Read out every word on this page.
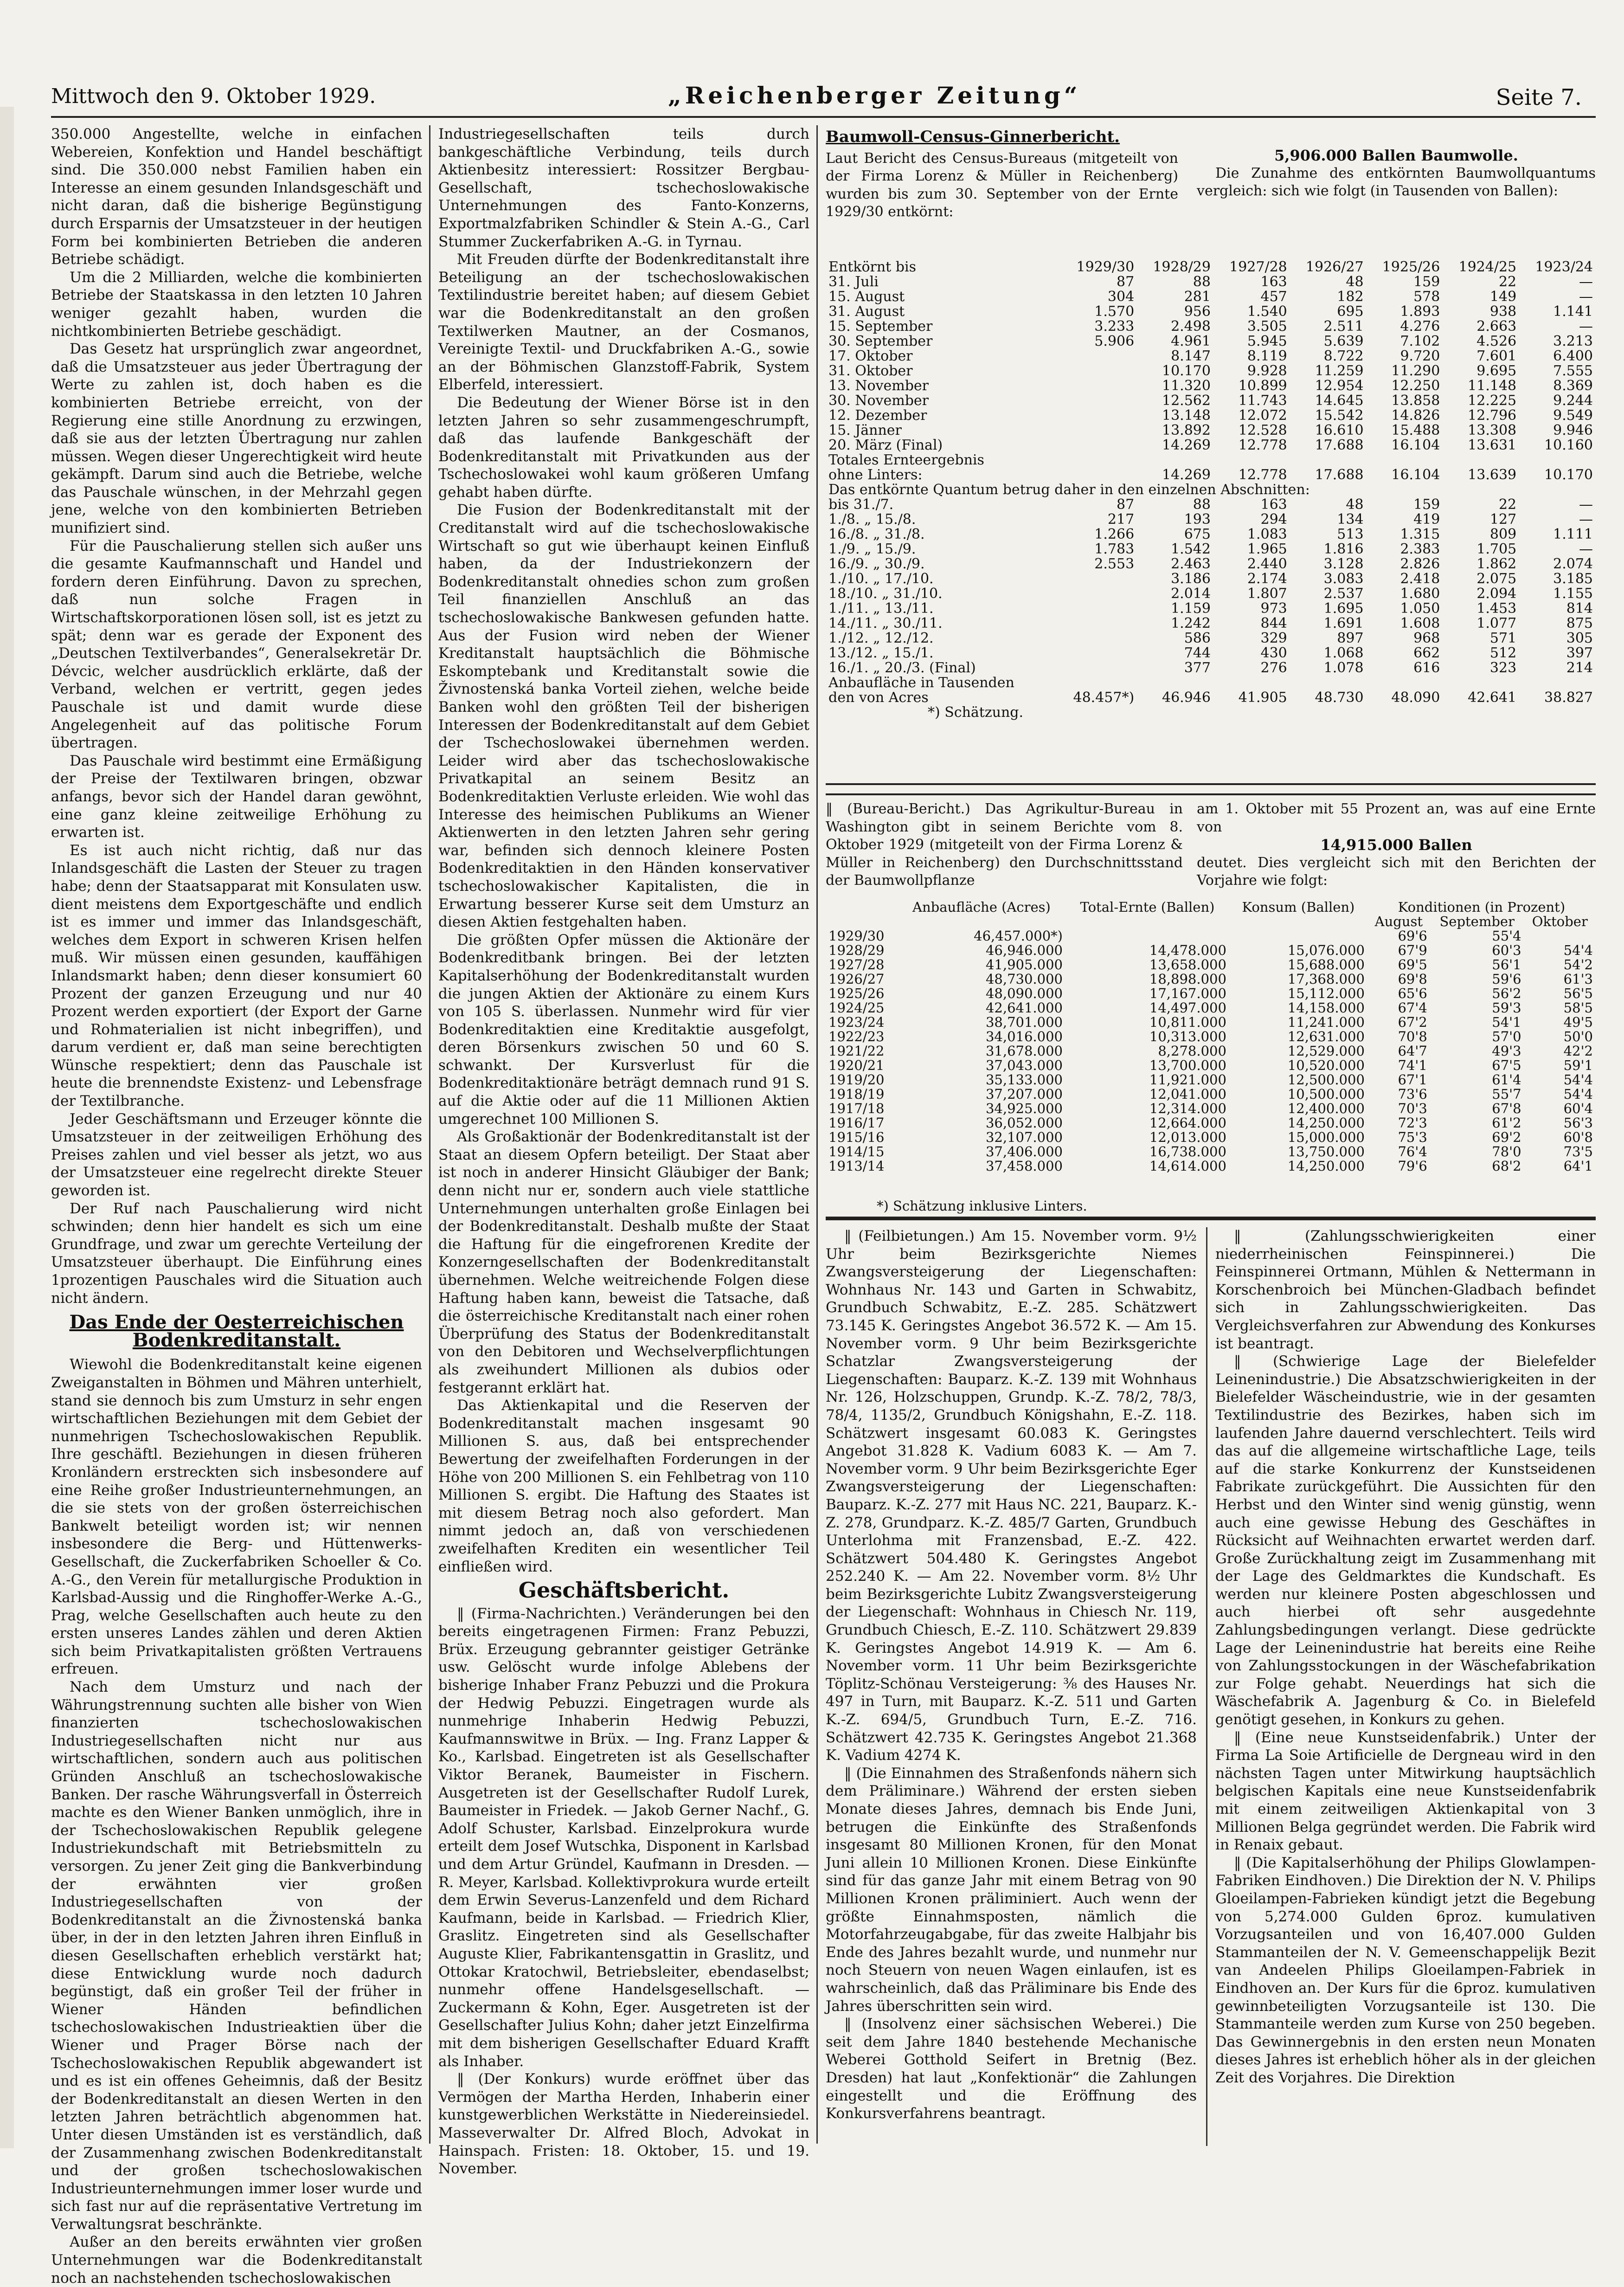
Mittwoch den 9. Oktober 1929.	„Reichenberger Zeitung“	Seite 7.

350.000 Angestellte, welche in einfachen Webereien, Konfektion und Handel beschäftigt sind. Die 350.000 nebst Familien haben ein Interesse an einem gesunden Inlandsgeschäft und nicht daran, daß die bisherige Begünstigung durch Ersparnis der Umsatzsteuer in der heutigen Form bei kombinierten Betrieben die anderen Betriebe schädigt.

Um die 2 Milliarden, welche die kombinierten Betriebe der Staatskassa in den letzten 10 Jahren weniger gezahlt haben, wurden die nichtkombinierten Betriebe geschädigt.

Das Gesetz hat ursprünglich zwar angeordnet, daß die Umsatzsteuer aus jeder Übertragung der Werte zu zahlen ist, doch haben es die kombinierten Betriebe erreicht, von der Regierung eine stille Anordnung zu erzwingen, daß sie aus der letzten Übertragung nur zahlen müssen. Wegen dieser Ungerechtigkeit wird heute gekämpft. Darum sind auch die Betriebe, welche das Pauschale wünschen, in der Mehrzahl gegen jene, welche von den kombinierten Betrieben munifiziert sind.

Für die Pauschalierung stellen sich außer uns die gesamte Kaufmannschaft und Handel und fordern deren Einführung. Davon zu sprechen, daß nun solche Fragen in Wirtschaftskorporationen lösen soll, ist es jetzt zu spät; denn war es gerade der Exponent des „Deutschen Textilverbandes“, Generalsekretär Dr. Dévcic, welcher ausdrücklich erklärte, daß der Verband, welchen er vertritt, gegen jedes Pauschale ist und damit wurde diese Angelegenheit auf das politische Forum übertragen.

Das Pauschale wird bestimmt eine Ermäßigung der Preise der Textilwaren bringen, obzwar anfangs, bevor sich der Handel daran gewöhnt, eine ganz kleine zeitweilige Erhöhung zu erwarten ist.

Es ist auch nicht richtig, daß nur das Inlandsgeschäft die Lasten der Steuer zu tragen habe; denn der Staatsapparat mit Konsulaten usw. dient meistens dem Exportgeschäfte und endlich ist es immer und immer das Inlandsgeschäft, welches dem Export in schweren Krisen helfen muß. Wir müssen einen gesunden, kauffähigen Inlandsmarkt haben; denn dieser konsumiert 60 Prozent der ganzen Erzeugung und nur 40 Prozent werden exportiert (der Export der Garne und Rohmaterialien ist nicht inbegriffen), und darum verdient er, daß man seine berechtigten Wünsche respektiert; denn das Pauschale ist heute die brennendste Existenz- und Lebensfrage der Textilbranche.

Jeder Geschäftsmann und Erzeuger könnte die Umsatzsteuer in der zeitweiligen Erhöhung des Preises zahlen und viel besser als jetzt, wo aus der Umsatzsteuer eine regelrecht direkte Steuer geworden ist.

Der Ruf nach Pauschalierung wird nicht schwinden; denn hier handelt es sich um eine Grundfrage, und zwar um gerechte Verteilung der Umsatzsteuer überhaupt. Die Einführung eines 1prozentigen Pauschales wird die Situation auch nicht ändern.

Das Ende der Oesterreichischen Bodenkreditanstalt.

Wiewohl die Bodenkreditanstalt keine eigenen Zweiganstalten in Böhmen und Mähren unterhielt, stand sie dennoch bis zum Umsturz in sehr engen wirtschaftlichen Beziehungen mit dem Gebiet der nunmehrigen Tschechoslowakischen Republik. Ihre geschäftl. Beziehungen in diesen früheren Kronländern erstreckten sich insbesondere auf eine Reihe großer Industrieunternehmungen, an die sie stets von der großen österreichischen Bankwelt beteiligt worden ist; wir nennen insbesondere die Berg- und Hüttenwerks-Gesellschaft, die Zuckerfabriken Schoeller & Co. A.-G., den Verein für metallurgische Produktion in Karlsbad-Aussig und die Ringhoffer-Werke A.-G., Prag, welche Gesellschaften auch heute zu den ersten unseres Landes zählen und deren Aktien sich beim Privatkapitalisten größten Vertrauens erfreuen.

Nach dem Umsturz und nach der Währungstrennung suchten alle bisher von Wien finanzierten tschechoslowakischen Industriegesellschaften nicht nur aus wirtschaftlichen, sondern auch aus politischen Gründen Anschluß an tschechoslowakische Banken. Der rasche Währungsverfall in Österreich machte es den Wiener Banken unmöglich, ihre in der Tschechoslowakischen Republik gelegene Industriekundschaft mit Betriebsmitteln zu versorgen. Zu jener Zeit ging die Bankverbindung der erwähnten vier großen Industriegesellschaften von der Bodenkreditanstalt an die Živnostenská banka über, in der in den letzten Jahren ihren Einfluß in diesen Gesellschaften erheblich verstärkt hat; diese Entwicklung wurde noch dadurch begünstigt, daß ein großer Teil der früher in Wiener Händen befindlichen tschechoslowakischen Industrieaktien über die Wiener und Prager Börse nach der Tschechoslowakischen Republik abgewandert ist und es ist ein offenes Geheimnis, daß der Besitz der Bodenkreditanstalt an diesen Werten in den letzten Jahren beträchtlich abgenommen hat. Unter diesen Umständen ist es verständlich, daß der Zusammenhang zwischen Bodenkreditanstalt und der großen tschechoslowakischen Industrieunternehmungen immer loser wurde und sich fast nur auf die repräsentative Vertretung im Verwaltungsrat beschränkte.

Außer an den bereits erwähnten vier großen Unternehmungen war die Bodenkreditanstalt noch an nachstehenden tschechoslowakischen

Industriegesellschaften teils durch bankgeschäftliche Verbindung, teils durch Aktienbesitz interessiert: Rossitzer Bergbau-Gesellschaft, tschechoslowakische Unternehmungen des Fanto-Konzerns, Exportmalzfabriken Schindler & Stein A.-G., Carl Stummer Zuckerfabriken A.-G. in Tyrnau.

Mit Freuden dürfte der Bodenkreditanstalt ihre Beteiligung an der tschechoslowakischen Textilindustrie bereitet haben; auf diesem Gebiet war die Bodenkreditanstalt an den großen Textilwerken Mautner, an der Cosmanos, Vereinigte Textil- und Druckfabriken A.-G., sowie an der Böhmischen Glanzstoff-Fabrik, System Elberfeld, interessiert.

Die Bedeutung der Wiener Börse ist in den letzten Jahren so sehr zusammengeschrumpft, daß das laufende Bankgeschäft der Bodenkreditanstalt mit Privatkunden aus der Tschechoslowakei wohl kaum größeren Umfang gehabt haben dürfte.

Die Fusion der Bodenkreditanstalt mit der Creditanstalt wird auf die tschechoslowakische Wirtschaft so gut wie überhaupt keinen Einfluß haben, da der Industriekonzern der Bodenkreditanstalt ohnedies schon zum großen Teil finanziellen Anschluß an das tschechoslowakische Bankwesen gefunden hatte. Aus der Fusion wird neben der Wiener Kreditanstalt hauptsächlich die Böhmische Eskomptebank und Kreditanstalt sowie die Živnostenská banka Vorteil ziehen, welche beide Banken wohl den größten Teil der bisherigen Interessen der Bodenkreditanstalt auf dem Gebiet der Tschechoslowakei übernehmen werden. Leider wird aber das tschechoslowakische Privatkapital an seinem Besitz an Bodenkreditaktien Verluste erleiden. Wie wohl das Interesse des heimischen Publikums an Wiener Aktienwerten in den letzten Jahren sehr gering war, befinden sich dennoch kleinere Posten Bodenkreditaktien in den Händen konservativer tschechoslowakischer Kapitalisten, die in Erwartung besserer Kurse seit dem Umsturz an diesen Aktien festgehalten haben.

Die größten Opfer müssen die Aktionäre der Bodenkreditbank bringen. Bei der letzten Kapitalserhöhung der Bodenkreditanstalt wurden die jungen Aktien der Aktionäre zu einem Kurs von 105 S. überlassen. Nunmehr wird für vier Bodenkreditaktien eine Kreditaktie ausgefolgt, deren Börsenkurs zwischen 50 und 60 S. schwankt. Der Kursverlust für die Bodenkreditaktionäre beträgt demnach rund 91 S. auf die Aktie oder auf die 11 Millionen Aktien umgerechnet 100 Millionen S.

Als Großaktionär der Bodenkreditanstalt ist der Staat an diesem Opfern beteiligt. Der Staat aber ist noch in anderer Hinsicht Gläubiger der Bank; denn nicht nur er, sondern auch viele stattliche Unternehmungen unterhalten große Einlagen bei der Bodenkreditanstalt. Deshalb mußte der Staat die Haftung für die eingefrorenen Kredite der Konzerngesellschaften der Bodenkreditanstalt übernehmen. Welche weitreichende Folgen diese Haftung haben kann, beweist die Tatsache, daß die österreichische Kreditanstalt nach einer rohen Überprüfung des Status der Bodenkreditanstalt von den Debitoren und Wechselverpflichtungen als zweihundert Millionen als dubios oder festgerannt erklärt hat.

Das Aktienkapital und die Reserven der Bodenkreditanstalt machen insgesamt 90 Millionen S. aus, daß bei entsprechender Bewertung der zweifelhaften Forderungen in der Höhe von 200 Millionen S. ein Fehlbetrag von 110 Millionen S. ergibt. Die Haftung des Staates ist mit diesem Betrag noch also gefordert. Man nimmt jedoch an, daß von verschiedenen zweifelhaften Krediten ein wesentlicher Teil einfließen wird.

Geschäftsbericht.

‖ (Firma-Nachrichten.) Veränderungen bei den bereits eingetragenen Firmen: Franz Pebuzzi, Brüx. Erzeugung gebrannter geistiger Getränke usw. Gelöscht wurde infolge Ablebens der bisherige Inhaber Franz Pebuzzi und die Prokura der Hedwig Pebuzzi. Eingetragen wurde als nunmehrige Inhaberin Hedwig Pebuzzi, Kaufmannswitwe in Brüx. — Ing. Franz Lapper & Ko., Karlsbad. Eingetreten ist als Gesellschafter Viktor Beranek, Baumeister in Fischern. Ausgetreten ist der Gesellschafter Rudolf Lurek, Baumeister in Friedek. — Jakob Gerner Nachf., G. Adolf Schuster, Karlsbad. Einzelprokura wurde erteilt dem Josef Wutschka, Disponent in Karlsbad und dem Artur Gründel, Kaufmann in Dresden. — R. Meyer, Karlsbad. Kollektivprokura wurde erteilt dem Erwin Severus-Lanzenfeld und dem Richard Kaufmann, beide in Karlsbad. — Friedrich Klier, Graslitz. Eingetreten sind als Gesellschafter Auguste Klier, Fabrikantensgattin in Graslitz, und Ottokar Kratochwil, Betriebsleiter, ebendaselbst; nunmehr offene Handelsgesellschaft. — Zuckermann & Kohn, Eger. Ausgetreten ist der Gesellschafter Julius Kohn; daher jetzt Einzelfirma mit dem bisherigen Gesellschafter Eduard Krafft als Inhaber.

‖ (Der Konkurs) wurde eröffnet über das Vermögen der Martha Herden, Inhaberin einer kunstgewerblichen Werkstätte in Niedereinsiedel. Masseverwalter Dr. Alfred Bloch, Advokat in Hainspach. Fristen: 18. Oktober, 15. und 19. November.

Baumwoll-Census-Ginnerbericht.

Laut Bericht des Census-Bureaus (mitgeteilt von der Firma Lorenz & Müller in Reichenberg) wurden bis zum 30. September von der Ernte 1929/30 entkörnt:

5,906.000 Ballen Baumwolle.

Die Zunahme des entkörnten Baumwollquantums vergleich: sich wie folgt (in Tausenden von Ballen):

Entkörnt bis	1929/30	1928/29	1927/28	1926/27	1925/26	1924/25	1923/24
31. Juli	87	88	163	48	159	22	—
15. August	304	281	457	182	578	149	—
31. August	1.570	956	1.540	695	1.893	938	1.141
15. September	3.233	2.498	3.505	2.511	4.276	2.663	—
30. September	5.906	4.961	5.945	5.639	7.102	4.526	3.213
17. Oktober		8.147	8.119	8.722	9.720	7.601	6.400
31. Oktober		10.170	9.928	11.259	11.290	9.695	7.555
13. November		11.320	10.899	12.954	12.250	11.148	8.369
30. November		12.562	11.743	14.645	13.858	12.225	9.244
12. Dezember		13.148	12.072	15.542	14.826	12.796	9.549
15. Jänner		13.892	12.528	16.610	15.488	13.308	9.946
20. März (Final)		14.269	12.778	17.688	16.104	13.631	10.160
Totales Ernteergebnis							
ohne Linters:		14.269	12.778	17.688	16.104	13.639	10.170
Das entkörnte Quantum betrug daher in den einzelnen Abschnitten:							
bis 31./7.	87	88	163	48	159	22	—
1./8. „ 15./8.	217	193	294	134	419	127	—
16./8. „ 31./8.	1.266	675	1.083	513	1.315	809	1.111
1./9. „ 15./9.	1.783	1.542	1.965	1.816	2.383	1.705	—
16./9. „ 30./9.	2.553	2.463	2.440	3.128	2.826	1.862	2.074
1./10. „ 17./10.		3.186	2.174	3.083	2.418	2.075	3.185
18./10. „ 31./10.		2.014	1.807	2.537	1.680	2.094	1.155
1./11. „ 13./11.		1.159	973	1.695	1.050	1.453	814
14./11. „ 30./11.		1.242	844	1.691	1.608	1.077	875
1./12. „ 12./12.		586	329	897	968	571	305
13./12. „ 15./1.		744	430	1.068	662	512	397
16./1. „ 20./3. (Final)		377	276	1.078	616	323	214
Anbaufläche in Tausenden							
den von Acres	48.457*)	46.946	41.905	48.730	48.090	42.641	38.827
*) Schätzung.							

‖ (Bureau-Bericht.) Das Agrikultur-Bureau in Washington gibt in seinem Berichte vom 8. Oktober 1929 (mitgeteilt von der Firma Lorenz & Müller in Reichenberg) den Durchschnittsstand der Baumwollpflanze

am 1. Oktober mit 55 Prozent an, was auf eine Ernte von

14,915.000 Ballen

deutet. Dies vergleicht sich mit den Berichten der Vorjahre wie folgt:

	Anbaufläche (Acres)	Total-Ernte (Ballen)	Konsum (Ballen)	Konditionen (in Prozent)		
				August	September	Oktober
1929/30	46,457.000*)			69'6	55'4	
1928/29	46,946.000	14,478.000	15,076.000	67'9	60'3	54'4
1927/28	41,905.000	13,658.000	15,688.000	69'5	56'1	54'2
1926/27	48,730.000	18,898.000	17,368.000	69'8	59'6	61'3
1925/26	48,090.000	17,167.000	15,112.000	65'6	56'2	56'5
1924/25	42,641.000	14,497.000	14,158.000	67'4	59'3	58'5
1923/24	38,701.000	10,811.000	11,241.000	67'2	54'1	49'5
1922/23	34,016.000	10,313.000	12,631.000	70'8	57'0	50'0
1921/22	31,678.000	8,278.000	12,529.000	64'7	49'3	42'2
1920/21	37,043.000	13,700.000	10,520.000	74'1	67'5	59'1
1919/20	35,133.000	11,921.000	12,500.000	67'1	61'4	54'4
1918/19	37,207.000	12,041.000	10,500.000	73'6	55'7	54'4
1917/18	34,925.000	12,314.000	12,400.000	70'3	67'8	60'4
1916/17	36,052.000	12,664.000	14,250.000	72'3	61'2	56'3
1915/16	32,107.000	12,013.000	15,000.000	75'3	69'2	60'8
1914/15	37,406.000	16,738.000	13,750.000	76'4	78'0	73'5
1913/14	37,458.000	14,614.000	14,250.000	79'6	68'2	64'1
*) Schätzung inklusive Linters.

‖ (Feilbietungen.) Am 15. November vorm. 9½ Uhr beim Bezirksgerichte Niemes Zwangsversteigerung der Liegenschaften: Wohnhaus Nr. 143 und Garten in Schwabitz, Grundbuch Schwabitz, E.-Z. 285. Schätzwert 73.145 K. Geringstes Angebot 36.572 K. — Am 15. November vorm. 9 Uhr beim Bezirksgerichte Schatzlar Zwangsversteigerung der Liegenschaften: Bauparz. K.-Z. 139 mit Wohnhaus Nr. 126, Holzschuppen, Grundp. K.-Z. 78/2, 78/3, 78/4, 1135/2, Grundbuch Königshahn, E.-Z. 118. Schätzwert insgesamt 60.083 K. Geringstes Angebot 31.828 K. Vadium 6083 K. — Am 7. November vorm. 9 Uhr beim Bezirksgerichte Eger Zwangsversteigerung der Liegenschaften: Bauparz. K.-Z. 277 mit Haus NC. 221, Bauparz. K.-Z. 278, Grundparz. K.-Z. 485/7 Garten, Grundbuch Unterlohma mit Franzensbad, E.-Z. 422. Schätzwert 504.480 K. Geringstes Angebot 252.240 K. — Am 22. November vorm. 8½ Uhr beim Bezirksgerichte Lubitz Zwangsversteigerung der Liegenschaft: Wohnhaus in Chiesch Nr. 119, Grundbuch Chiesch, E.-Z. 110. Schätzwert 29.839 K. Geringstes Angebot 14.919 K. — Am 6. November vorm. 11 Uhr beim Bezirksgerichte Töplitz-Schönau Versteigerung: ⅜ des Hauses Nr. 497 in Turn, mit Bauparz. K.-Z. 511 und Garten K.-Z. 694/5, Grundbuch Turn, E.-Z. 716. Schätzwert 42.735 K. Geringstes Angebot 21.368 K. Vadium 4274 K.

‖ (Die Einnahmen des Straßenfonds nähern sich dem Präliminare.) Während der ersten sieben Monate dieses Jahres, demnach bis Ende Juni, betrugen die Einkünfte des Straßenfonds insgesamt 80 Millionen Kronen, für den Monat Juni allein 10 Millionen Kronen. Diese Einkünfte sind für das ganze Jahr mit einem Betrag von 90 Millionen Kronen präliminiert. Auch wenn der größte Einnahmsposten, nämlich die Motorfahrzeugabgabe, für das zweite Halbjahr bis Ende des Jahres bezahlt wurde, und nunmehr nur noch Steuern von neuen Wagen einlaufen, ist es wahrscheinlich, daß das Präliminare bis Ende des Jahres überschritten sein wird.

‖ (Insolvenz einer sächsischen Weberei.) Die seit dem Jahre 1840 bestehende Mechanische Weberei Gotthold Seifert in Bretnig (Bez. Dresden) hat laut „Konfektionär“ die Zahlungen eingestellt und die Eröffnung des Konkursverfahrens beantragt.

‖ (Zahlungsschwierigkeiten einer niederrheinischen Feinspinnerei.) Die Feinspinnerei Ortmann, Mühlen & Nettermann in Korschenbroich bei München-Gladbach befindet sich in Zahlungsschwierigkeiten. Das Vergleichsverfahren zur Abwendung des Konkurses ist beantragt.

‖ (Schwierige Lage der Bielefelder Leinenindustrie.) Die Absatzschwierigkeiten in der Bielefelder Wäscheindustrie, wie in der gesamten Textilindustrie des Bezirkes, haben sich im laufenden Jahre dauernd verschlechtert. Teils wird das auf die allgemeine wirtschaftliche Lage, teils auf die starke Konkurrenz der Kunstseidenen Fabrikate zurückgeführt. Die Aussichten für den Herbst und den Winter sind wenig günstig, wenn auch eine gewisse Hebung des Geschäftes in Rücksicht auf Weihnachten erwartet werden darf. Große Zurückhaltung zeigt im Zusammenhang mit der Lage des Geldmarktes die Kundschaft. Es werden nur kleinere Posten abgeschlossen und auch hierbei oft sehr ausgedehnte Zahlungsbedingungen verlangt. Diese gedrückte Lage der Leinenindustrie hat bereits eine Reihe von Zahlungsstockungen in der Wäschefabrikation zur Folge gehabt. Neuerdings hat sich die Wäschefabrik A. Jagenburg & Co. in Bielefeld genötigt gesehen, in Konkurs zu gehen.

‖ (Eine neue Kunstseidenfabrik.) Unter der Firma La Soie Artificielle de Dergneau wird in den nächsten Tagen unter Mitwirkung hauptsächlich belgischen Kapitals eine neue Kunstseidenfabrik mit einem zeitweiligen Aktienkapital von 3 Millionen Belga gegründet werden. Die Fabrik wird in Renaix gebaut.

‖ (Die Kapitalserhöhung der Philips Glowlampen-Fabriken Eindhoven.) Die Direktion der N. V. Philips Gloeilampen-Fabrieken kündigt jetzt die Begebung von 5,274.000 Gulden 6proz. kumulativen Vorzugsanteilen und von 16,407.000 Gulden Stammanteilen der N. V. Gemeenschappelijk Bezit van Andeelen Philips Gloeilampen-Fabriek in Eindhoven an. Der Kurs für die 6proz. kumulativen gewinnbeteiligten Vorzugsanteile ist 130. Die Stammanteile werden zum Kurse von 250 begeben. Das Gewinnergebnis in den ersten neun Monaten dieses Jahres ist erheblich höher als in der gleichen Zeit des Vorjahres. Die Direktion
